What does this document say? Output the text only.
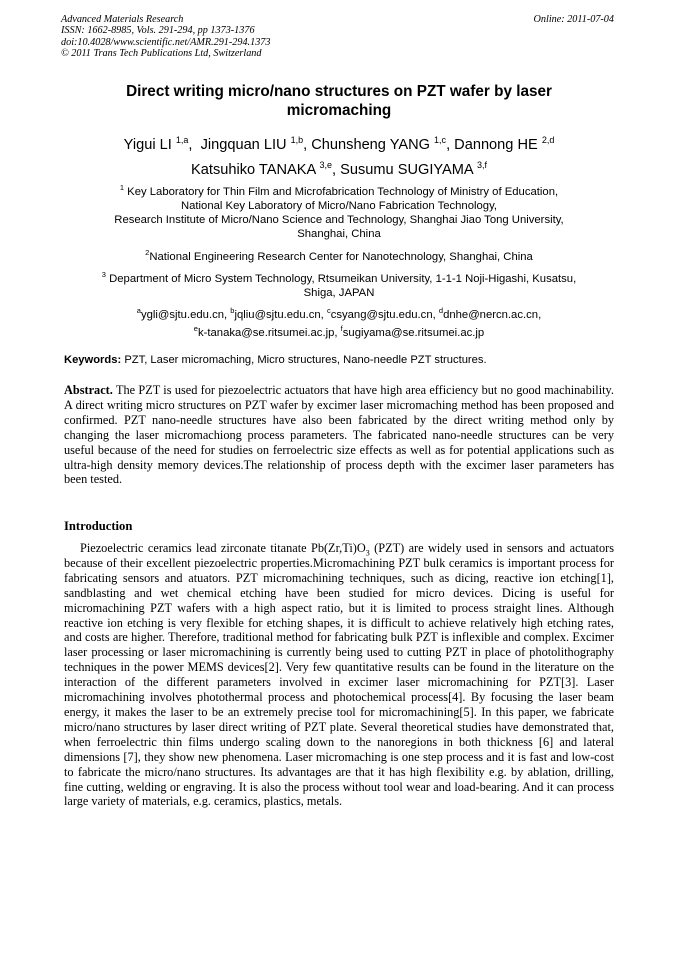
Advanced Materials Research
ISSN: 1662-8985, Vols. 291-294, pp 1373-1376
doi:10.4028/www.scientific.net/AMR.291-294.1373
© 2011 Trans Tech Publications Ltd, Switzerland
Online: 2011-07-04
Direct writing micro/nano structures on PZT wafer by laser
micromaching
Yigui LI $^{1,a}$,  Jingquan LIU $^{1,b}$, Chunsheng YANG $^{1,c}$, Dannong HE $^{2,d}$
Katsuhiko TANAKA $^{3,e}$, Susumu SUGIYAMA $^{3,f}$
$^1$ Key Laboratory for Thin Film and Microfabrication Technology of Ministry of Education,
National Key Laboratory of Micro/Nano Fabrication Technology,
Research Institute of Micro/Nano Science and Technology, Shanghai Jiao Tong University,
Shanghai, China
$^2$National Engineering Research Center for Nanotechnology, Shanghai, China
$^3$ Department of Micro System Technology, Rtsumeikan University, 1-1-1 Noji-Higashi, Kusatsu,
Shiga, JAPAN
$^a$ygli@sjtu.edu.cn, $^b$jqliu@sjtu.edu.cn, $^c$csyang@sjtu.edu.cn, $^d$dnhe@nercn.ac.cn,
$^e$k-tanaka@se.ritsumei.ac.jp, $^f$sugiyama@se.ritsumei.ac.jp
Keywords: PZT, Laser micromaching, Micro structures, Nano-needle PZT structures.
Abstract. The PZT is used for piezoelectric actuators that have high area efficiency but no good machinability. A direct writing micro structures on PZT wafer by excimer laser micromaching method has been proposed and confirmed. PZT nano-needle structures have also been fabricated by the direct writing method only by changing the laser micromachiong process parameters. The fabricated nano-needle structures can be very useful because of the need for studies on ferroelectric size effects as well as for potential applications such as ultra-high density memory devices.The relationship of process depth with the excimer laser parameters has been tested.
Introduction
Piezoelectric ceramics lead zirconate titanate $Pb(Zr,Ti)O_3$ (PZT) are widely used in sensors and actuators because of their excellent piezoelectric properties.Micromachining PZT bulk ceramics is important process for fabricating sensors and atuators. PZT micromachining techniques, such as dicing, reactive ion etching[1], sandblasting and wet chemical etching have been studied for micro devices. Dicing is useful for micromachining PZT wafers with a high aspect ratio, but it is limited to process straight lines. Although reactive ion etching is very flexible for etching shapes, it is difficult to achieve relatively high etching rates, and costs are higher. Therefore, traditional method for fabricating bulk PZT is inflexible and complex. Excimer laser processing or laser micromachining is currently being used to cutting PZT in place of photolithography techniques in the power MEMS devices[2]. Very few quantitative results can be found in the literature on the interaction of the different parameters involved in excimer laser micromachining for PZT[3]. Laser micromachining involves photothermal process and photochemical process[4]. By focusing the laser beam energy, it makes the laser to be an extremely precise tool for micromachining[5]. In this paper, we fabricate micro/nano structures by laser direct writing of PZT plate. Several theoretical studies have demonstrated that, when ferroelectric thin films undergo scaling down to the nanoregions in both thickness [6] and lateral dimensions [7], they show new phenomena. Laser micromaching is one step process and it is fast and low-cost to fabricate the micro/nano structures. Its advantages are that it has high flexibility e.g. by ablation, drilling, fine cutting, welding or engraving. It is also the process without tool wear and load-bearing. And it can process large variety of materials, e.g. ceramics, plastics, metals.
